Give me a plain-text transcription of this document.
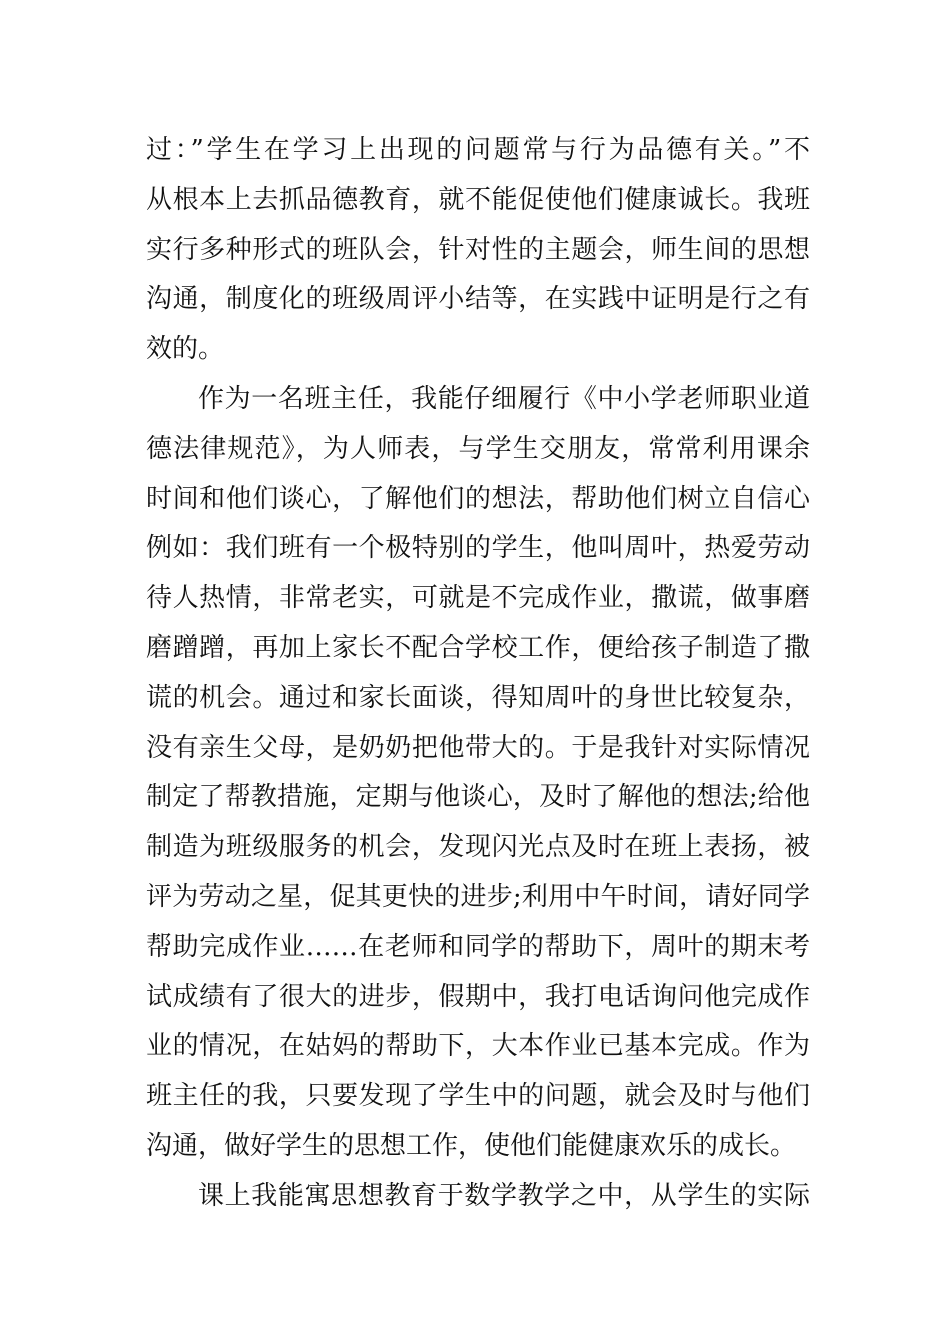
过：”学生在学习上出现的问题常与行为品德有关。”不
从根本上去抓品德教育，就不能促使他们健康诚长。我班
实行多种形式的班队会，针对性的主题会，师生间的思想
沟通，制度化的班级周评小结等，在实践中证明是行之有
效的。
作为一名班主任，我能仔细履行《中小学老师职业道
德法律规范》，为人师表，与学生交朋友，常常利用课余
时间和他们谈心，了解他们的想法，帮助他们树立自信心
例如：我们班有一个极特别的学生，他叫周叶，热爱劳动
待人热情，非常老实，可就是不完成作业，撒谎，做事磨
磨蹭蹭，再加上家长不配合学校工作，便给孩子制造了撒
谎的机会。通过和家长面谈，得知周叶的身世比较复杂，
没有亲生父母，是奶奶把他带大的。于是我针对实际情况
制定了帮教措施，定期与他谈心，及时了解他的想法;给他
制造为班级服务的机会，发现闪光点及时在班上表扬，被
评为劳动之星，促其更快的进步;利用中午时间，请好同学
帮助完成作业……在老师和同学的帮助下，周叶的期末考
试成绩有了很大的进步，假期中，我打电话询问他完成作
业的情况，在姑妈的帮助下，大本作业已基本完成。作为
班主任的我，只要发现了学生中的问题，就会及时与他们
沟通，做好学生的思想工作，使他们能健康欢乐的成长。
课上我能寓思想教育于数学教学之中，从学生的实际
